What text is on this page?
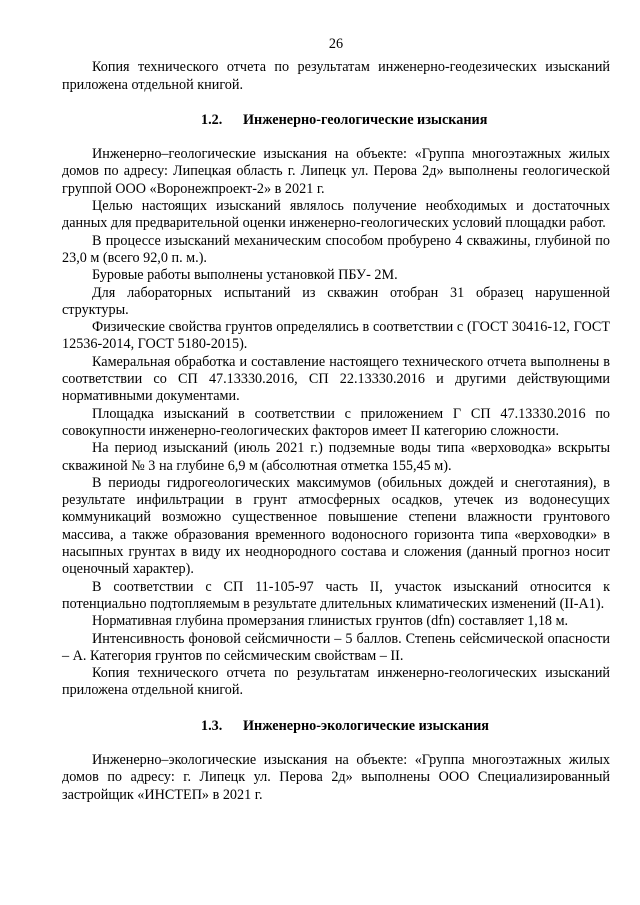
26

Копия технического отчета по результатам инженерно-геодезических изысканий приложена отдельной книгой.

1.2. Инженерно-геологические изыскания

Инженерно–геологические изыскания на объекте: «Группа многоэтажных жилых домов по адресу: Липецкая область г. Липецк ул. Перова 2д» выполнены геологической группой ООО «Воронежпроект-2» в 2021 г.

Целью настоящих изысканий являлось получение необходимых и достаточных данных для предварительной оценки инженерно-геологических условий площадки работ.

В процессе изысканий механическим способом пробурено 4 скважины, глубиной по 23,0 м (всего 92,0 п. м.).

Буровые работы выполнены установкой ПБУ- 2М.

Для лабораторных испытаний из скважин отобран 31 образец нарушенной структуры.

Физические свойства грунтов определялись в соответствии с (ГОСТ 30416-12, ГОСТ 12536-2014, ГОСТ 5180-2015).

Камеральная обработка и составление настоящего технического отчета выполнены в соответствии со СП 47.13330.2016, СП 22.13330.2016 и другими действующими нормативными документами.

Площадка изысканий в соответствии с приложением Г СП 47.13330.2016 по совокупности инженерно-геологических факторов имеет II категорию сложности.

На период изысканий (июль 2021 г.) подземные воды типа «верховодка» вскрыты скважиной № 3 на глубине 6,9 м (абсолютная отметка 155,45 м).

В периоды гидрогеологических максимумов (обильных дождей и снеготаяния), в результате инфильтрации в грунт атмосферных осадков, утечек из водонесущих коммуникаций возможно существенное повышение степени влажности грунтового массива, а также образования временного водоносного горизонта типа «верховодки» в насыпных грунтах в виду их неоднородного состава и сложения (данный прогноз носит оценочный характер).

В соответствии с СП 11-105-97 часть II, участок изысканий относится к потенциально подтопляемым в результате длительных климатических изменений (II-А1).

Нормативная глубина промерзания глинистых грунтов (dfn) составляет 1,18 м.

Интенсивность фоновой сейсмичности – 5 баллов. Степень сейсмической опасности – А. Категория грунтов по сейсмическим свойствам – II.

Копия технического отчета по результатам инженерно-геологических изысканий приложена отдельной книгой.

1.3. Инженерно-экологические изыскания

Инженерно–экологические изыскания на объекте: «Группа многоэтажных жилых домов по адресу: г. Липецк ул. Перова 2д» выполнены ООО Специализированный застройщик «ИНСТЕП» в 2021 г.
